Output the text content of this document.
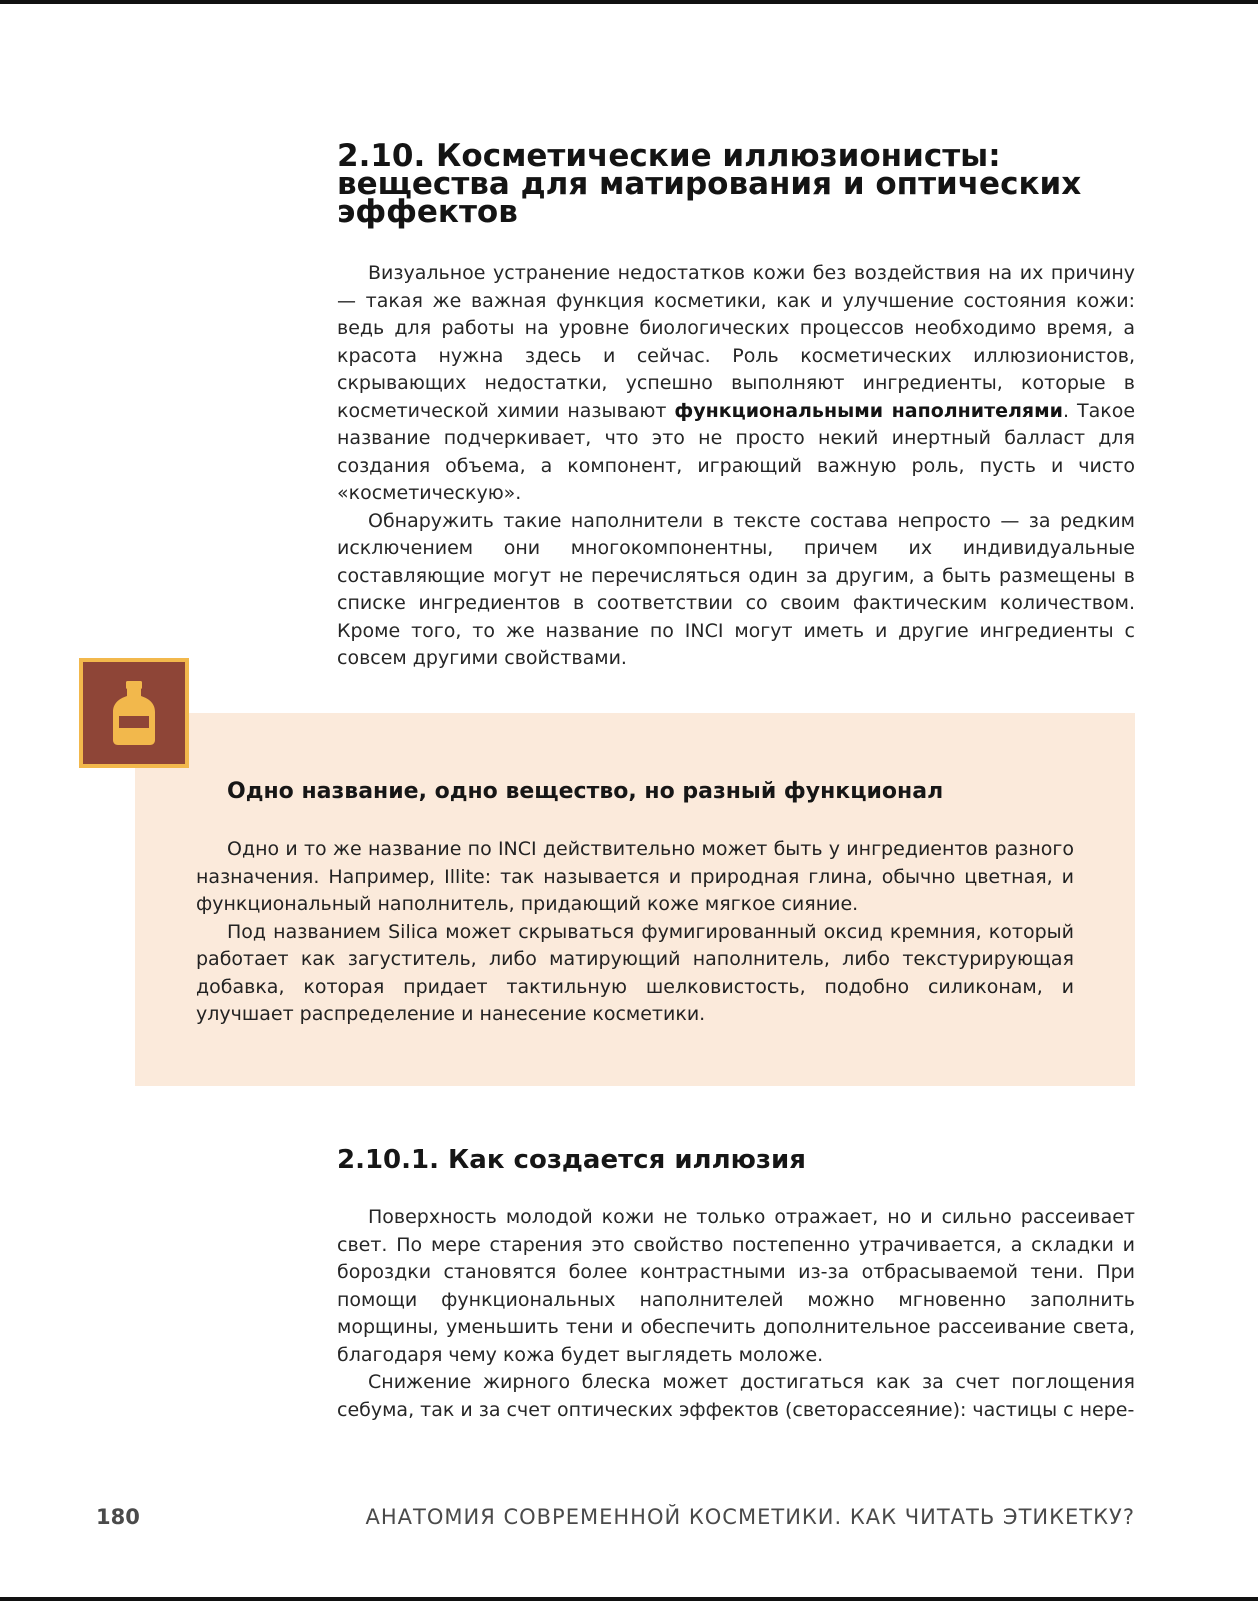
2.10. Косметические иллюзионисты:
вещества для матирования и оптических
эффектов

Визуальное устранение недостатков кожи без воздействия на их причину — такая же важная функция косметики, как и улучшение состояния кожи: ведь для работы на уровне биологических процессов необходимо время, а красота нужна здесь и сейчас. Роль косметических иллюзионистов, скрывающих недостатки, успешно выполняют ингредиенты, которые в косметической химии называют функциональными наполнителями. Такое название подчеркивает, что это не просто некий инертный балласт для создания объема, а компонент, играющий важную роль, пусть и чисто «косметическую».

Обнаружить такие наполнители в тексте состава непросто — за редким исключением они многокомпонентны, причем их индивидуальные составляющие могут не перечисляться один за другим, а быть размещены в списке ингредиентов в соответствии со своим фактическим количеством. Кроме того, то же название по INCI могут иметь и другие ингредиенты с совсем другими свойствами.

Одно название, одно вещество, но разный функционал

Одно и то же название по INCI действительно может быть у ингредиентов разного назначения. Например, Illite: так называется и природная глина, обычно цветная, и функциональный наполнитель, придающий коже мягкое сияние.

Под названием Silica может скрываться фумигированный оксид кремния, который работает как загуститель, либо матирующий наполнитель, либо текстурирующая добавка, которая придает тактильную шелковистость, подобно силиконам, и улучшает распределение и нанесение косметики.

2.10.1. Как создается иллюзия

Поверхность молодой кожи не только отражает, но и сильно рассеивает свет. По мере старения это свойство постепенно утрачивается, а складки и бороздки становятся более контрастными из-за отбрасываемой тени. При помощи функциональных наполнителей можно мгновенно заполнить морщины, уменьшить тени и обеспечить дополнительное рассеивание света, благодаря чему кожа будет выглядеть моложе.

Снижение жирного блеска может достигаться как за счет поглощения себума, так и за счет оптических эффектов (светорассеяние): частицы с нере-

180	АНАТОМИЯ СОВРЕМЕННОЙ КОСМЕТИКИ. КАК ЧИТАТЬ ЭТИКЕТКУ?
